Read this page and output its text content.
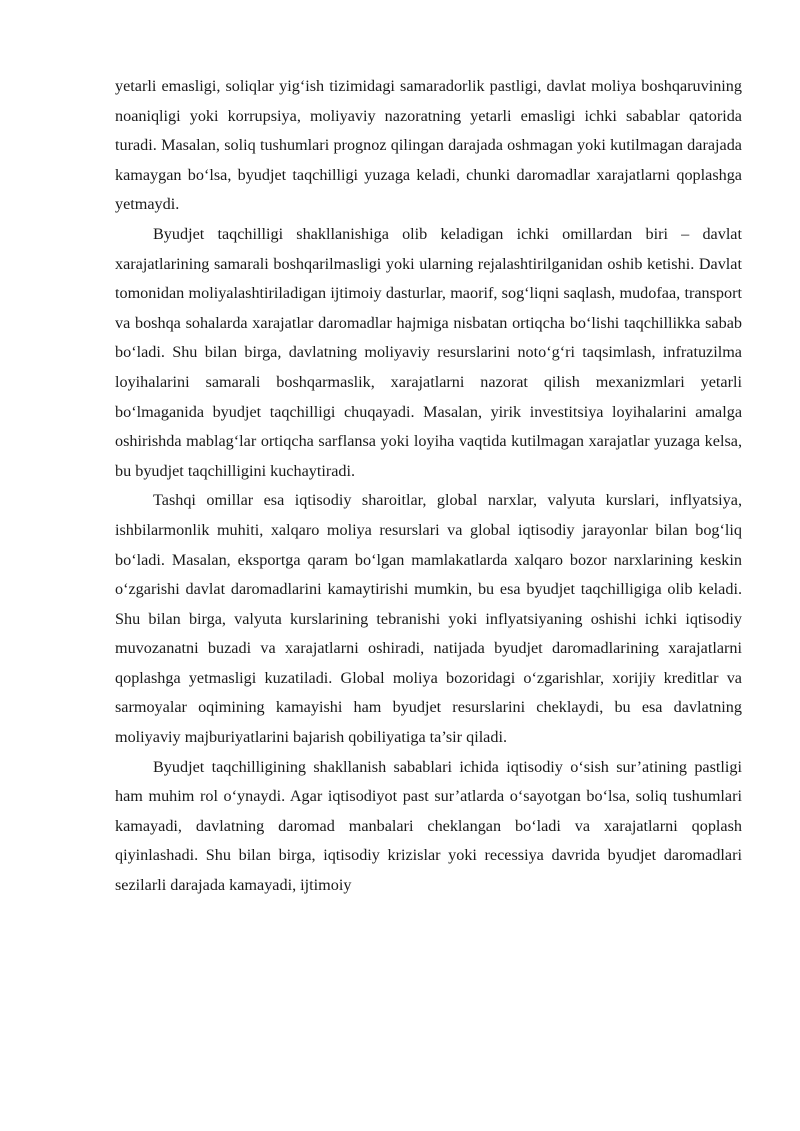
yetarli emasligi, soliqlar yig‘ish tizimidagi samaradorlik pastligi, davlat moliya boshqaruvining noaniqligi yoki korrupsiya, moliyaviy nazoratning yetarli emasligi ichki sabablar qatorida turadi. Masalan, soliq tushumlari prognoz qilingan darajada oshmagan yoki kutilmagan darajada kamaygan bo‘lsa, byudjet taqchilligi yuzaga keladi, chunki daromadlar xarajatlarni qoplashga yetmaydi.

Byudjet taqchilligi shakllanishiga olib keladigan ichki omillardan biri – davlat xarajatlarining samarali boshqarilmasligi yoki ularning rejalashtirilganidan oshib ketishi. Davlat tomonidan moliyalashtiriladigan ijtimoiy dasturlar, maorif, sog‘liqni saqlash, mudofaa, transport va boshqa sohalarda xarajatlar daromadlar hajmiga nisbatan ortiqcha bo‘lishi taqchillikka sabab bo‘ladi. Shu bilan birga, davlatning moliyaviy resurslarini noto‘g‘ri taqsimlash, infratuzilma loyihalarini samarali boshqarmaslik, xarajatlarni nazorat qilish mexanizmlari yetarli bo‘lmaganida byudjet taqchilligi chuqayadi. Masalan, yirik investitsiya loyihalarini amalga oshirishda mablag‘lar ortiqcha sarflansa yoki loyiha vaqtida kutilmagan xarajatlar yuzaga kelsa, bu byudjet taqchilligini kuchaytiradi.

Tashqi omillar esa iqtisodiy sharoitlar, global narxlar, valyuta kurslari, inflyatsiya, ishbilarmonlik muhiti, xalqaro moliya resurslari va global iqtisodiy jarayonlar bilan bog‘liq bo‘ladi. Masalan, eksportga qaram bo‘lgan mamlakatlarda xalqaro bozor narxlarining keskin o‘zgarishi davlat daromadlarini kamaytirishi mumkin, bu esa byudjet taqchilligiga olib keladi. Shu bilan birga, valyuta kurslarining tebranishi yoki inflyatsiyaning oshishi ichki iqtisodiy muvozanatni buzadi va xarajatlarni oshiradi, natijada byudjet daromadlarining xarajatlarni qoplashga yetmasligi kuzatiladi. Global moliya bozoridagi o‘zgarishlar, xorijiy kreditlar va sarmoyalar oqimining kamayishi ham byudjet resurslarini cheklaydi, bu esa davlatning moliyaviy majburiyatlarini bajarish qobiliyatiga ta’sir qiladi.

Byudjet taqchilligining shakllanish sabablari ichida iqtisodiy o‘sish sur’atining pastligi ham muhim rol o‘ynaydi. Agar iqtisodiyot past sur’atlarda o‘sayotgan bo‘lsa, soliq tushumlari kamayadi, davlatning daromad manbalari cheklangan bo‘ladi va xarajatlarni qoplash qiyinlashadi. Shu bilan birga, iqtisodiy krizislar yoki recessiya davrida byudjet daromadlari sezilarli darajada kamayadi, ijtimoiy
